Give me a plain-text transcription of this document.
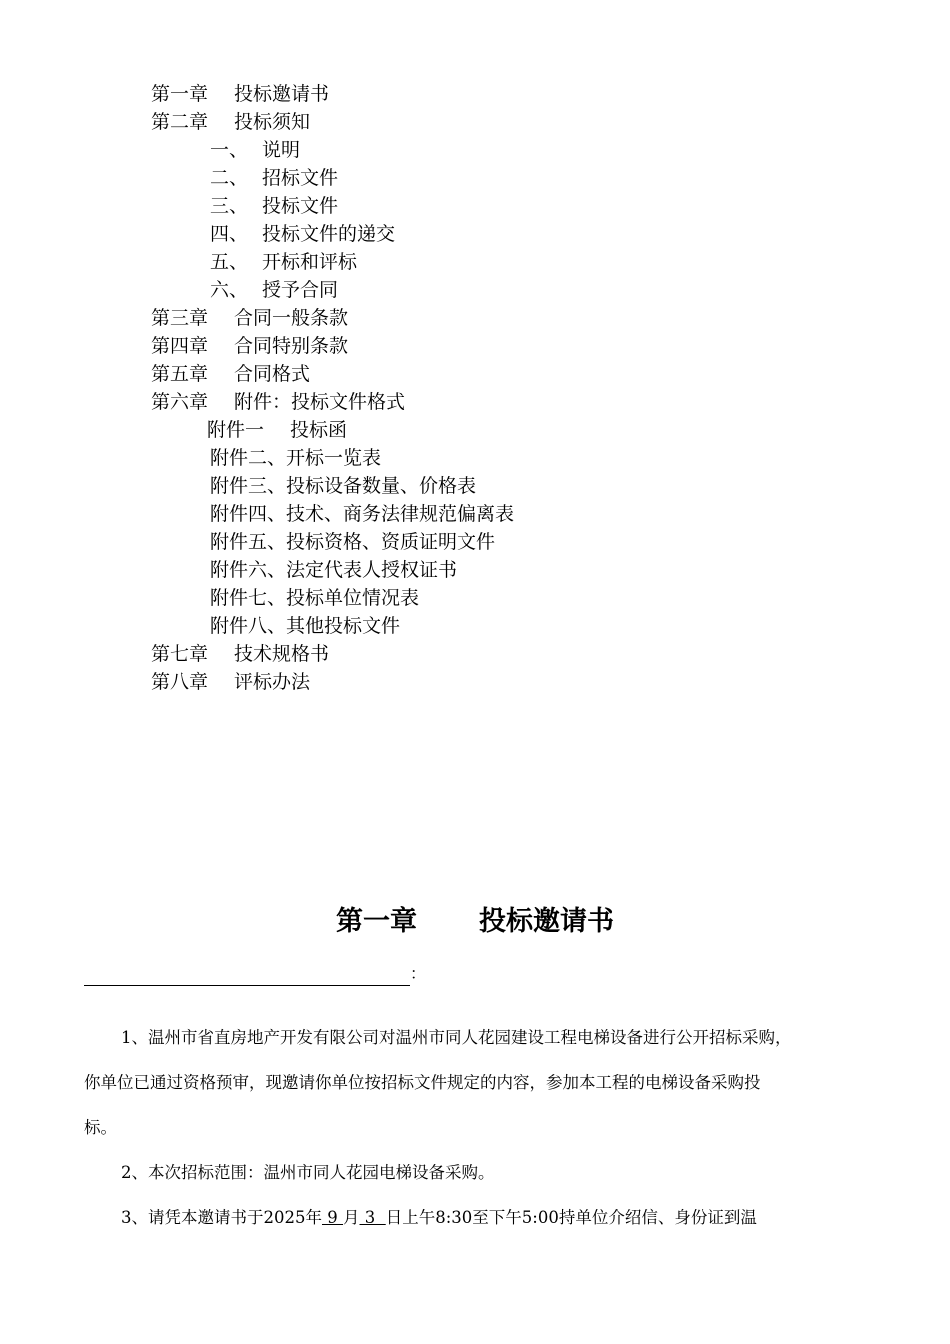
第一章 投标邀请书
第二章 投标须知
一、 说明
二、 招标文件
三、 投标文件
四、 投标文件的递交
五、 开标和评标
六、 授予合同
第三章 合同一般条款
第四章 合同特别条款
第五章 合同格式
第六章 附件：投标文件格式
附件一 投标函
附件二、开标一览表
附件三、投标设备数量、价格表
附件四、技术、商务法律规范偏离表
附件五、投标资格、资质证明文件
附件六、法定代表人授权证书
附件七、投标单位情况表
附件八、其他投标文件
第七章 技术规格书
第八章 评标办法
第一章 投标邀请书
：
1、温州市省直房地产开发有限公司对温州市同人花园建设工程电梯设备进行公开招标采购，
你单位已通过资格预审，现邀请你单位按招标文件规定的内容，参加本工程的电梯设备采购投
标。
2、本次招标范围：温州市同人花园电梯设备采购。
3、请凭本邀请书于2025年 9 月 3  日上午8:30至下午5:00持单位介绍信、身份证到温
